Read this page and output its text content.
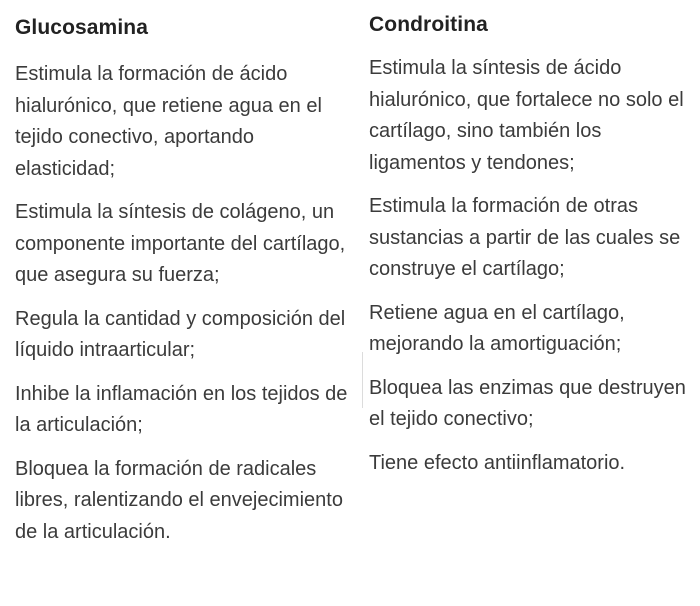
Glucosamina
Estimula la formación de ácido hialurónico, que retiene agua en el tejido conectivo, aportando elasticidad;
Estimula la síntesis de colágeno, un componente importante del cartílago, que asegura su fuerza;
Regula la cantidad y composición del líquido intraarticular;
Inhibe la inflamación en los tejidos de la articulación;
Bloquea la formación de radicales libres, ralentizando el envejecimiento de la articulación.
Condroitina
Estimula la síntesis de ácido hialurónico, que fortalece no solo el cartílago, sino también los ligamentos y tendones;
Estimula la formación de otras sustancias a partir de las cuales se construye el cartílago;
Retiene agua en el cartílago, mejorando la amortiguación;
Bloquea las enzimas que destruyen el tejido conectivo;
Tiene efecto antiinflamatorio.
